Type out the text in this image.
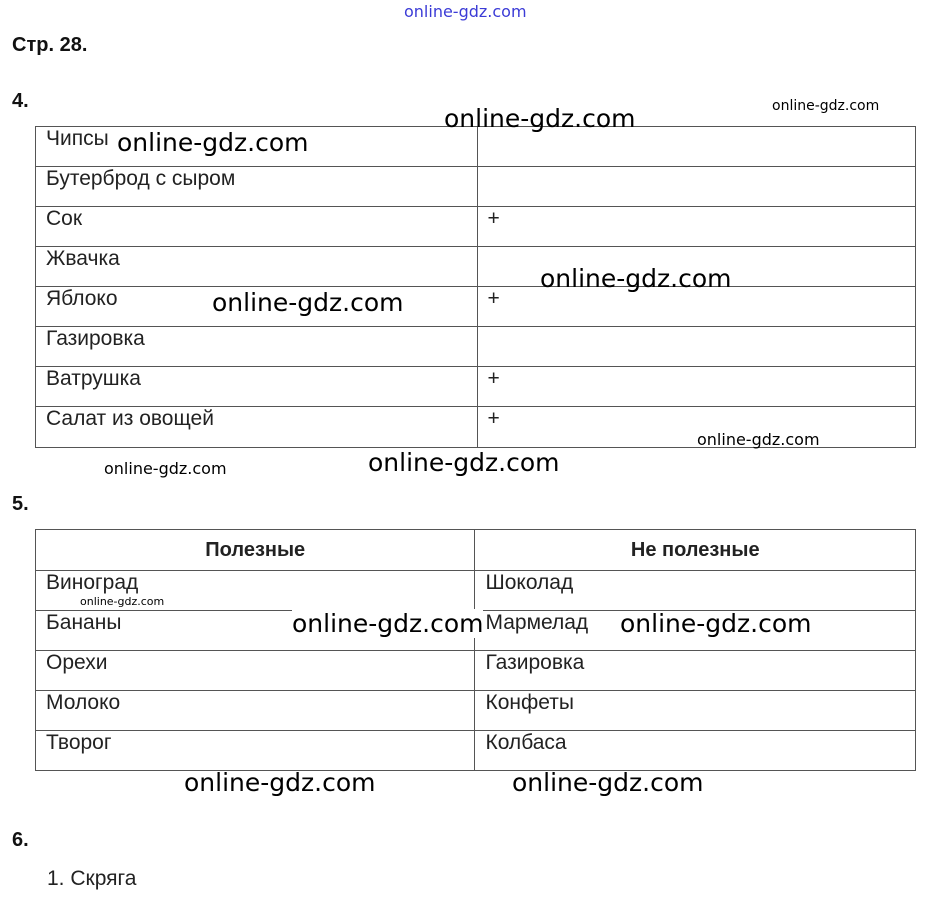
online-gdz.com
Стр. 28.
4.
Чипсы	
Бутерброд с сыром	
Сок	+
Жвачка	
Яблоко	+
Газировка	
Ватрушка	+
Салат из овощей	+
5.
Полезные	Не полезные
Виноград	Шоколад
Бананы	Мармелад
Орехи	Газировка
Молоко	Конфеты
Творог	Колбаса
6.
1. Скряга
online-gdz.com
online-gdz.com
online-gdz.com
online-gdz.com
online-gdz.com
online-gdz.com
online-gdz.com	online-gdz.com
online-gdz.com
online-gdz.com	online-gdz.com
online-gdz.com	online-gdz.com
